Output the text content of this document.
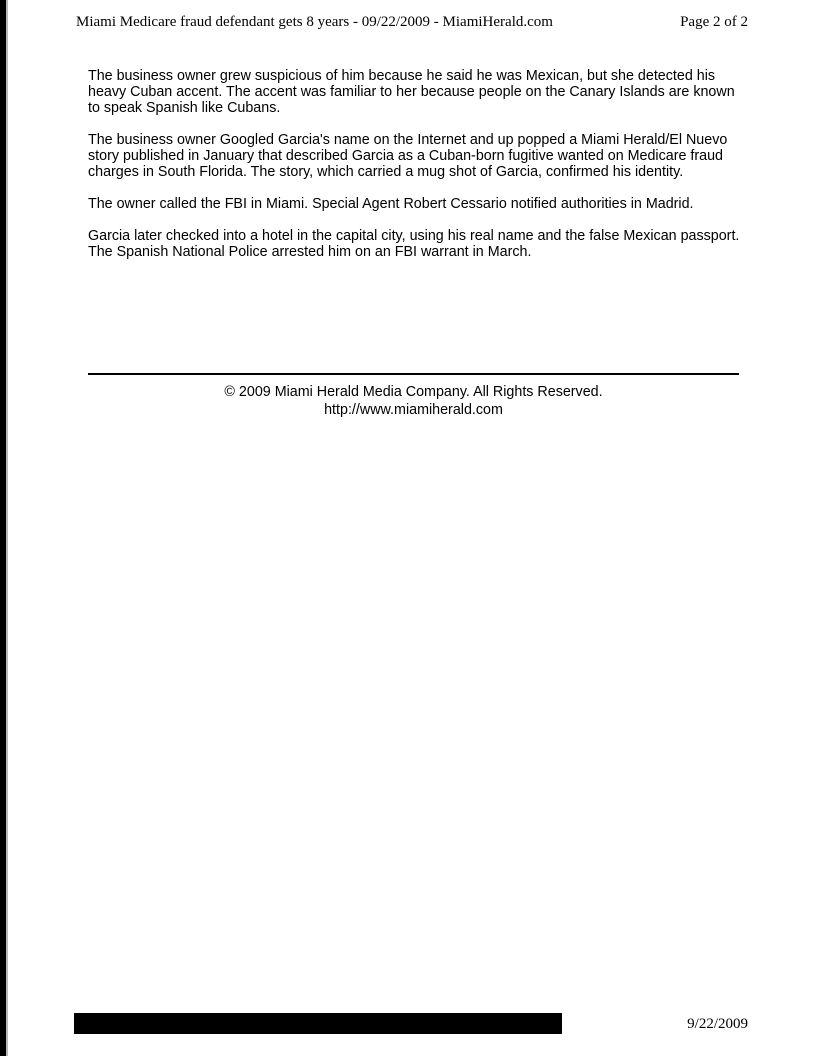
Miami Medicare fraud defendant gets 8 years - 09/22/2009 - MiamiHerald.com	Page 2 of 2

The business owner grew suspicious of him because he said he was Mexican, but she detected his heavy Cuban accent. The accent was familiar to her because people on the Canary Islands are known to speak Spanish like Cubans.

The business owner Googled Garcia's name on the Internet and up popped a Miami Herald/El Nuevo story published in January that described Garcia as a Cuban-born fugitive wanted on Medicare fraud charges in South Florida. The story, which carried a mug shot of Garcia, confirmed his identity.

The owner called the FBI in Miami. Special Agent Robert Cessario notified authorities in Madrid.

Garcia later checked into a hotel in the capital city, using his real name and the false Mexican passport. The Spanish National Police arrested him on an FBI warrant in March.

© 2009 Miami Herald Media Company. All Rights Reserved.
http://www.miamiherald.com
9/22/2009
